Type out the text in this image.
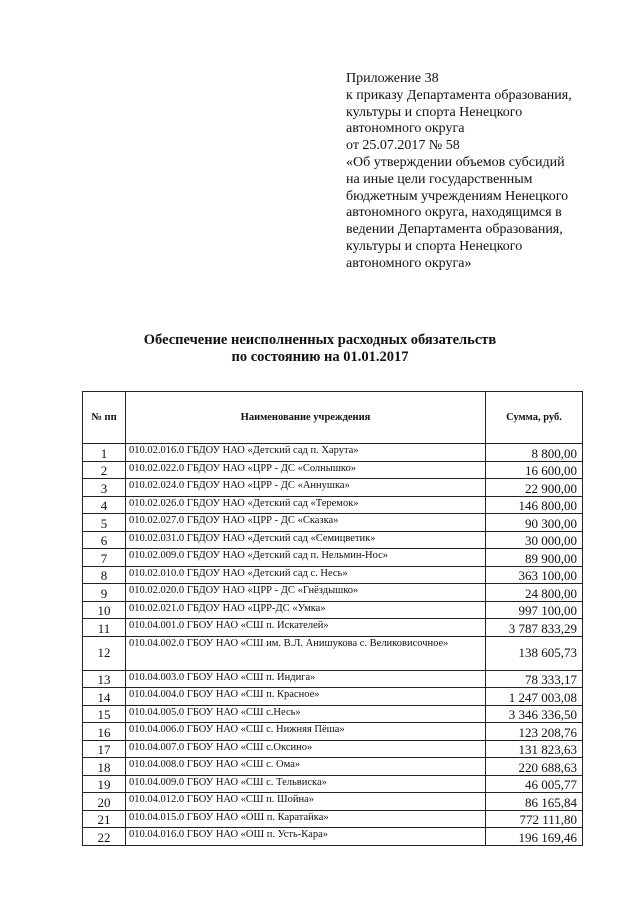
Приложение 38
к приказу Департамента образования,
культуры и спорта Ненецкого
автономного округа
от 25.07.2017 № 58
«Об утверждении объемов субсидий
на иные цели государственным
бюджетным учреждениям Ненецкого
автономного округа, находящимся в
ведении Департамента образования,
культуры и спорта Ненецкого
автономного округа»
Обеспечение неисполненных расходных обязательств
по состоянию на 01.01.2017
№ пп	Наименование учреждения	Сумма, руб.
1	010.02.016.0 ГБДОУ НАО «Детский сад п. Харута»	8 800,00
2	010.02.022.0 ГБДОУ НАО «ЦРР - ДС «Солнышко»	16 600,00
3	010.02.024.0 ГБДОУ НАО «ЦРР - ДС «Аннушка»	22 900,00
4	010.02.026.0 ГБДОУ НАО «Детский сад «Теремок»	146 800,00
5	010.02.027.0 ГБДОУ НАО «ЦРР - ДС «Сказка»	90 300,00
6	010.02.031.0 ГБДОУ НАО «Детский сад «Семицветик»	30 000,00
7	010.02.009.0 ГБДОУ НАО «Детский сад п. Нельмин-Нос»	89 900,00
8	010.02.010.0 ГБДОУ НАО «Детский сад с. Несь»	363 100,00
9	010.02.020.0 ГБДОУ НАО «ЦРР - ДС «Гнёздышко»	24 800,00
10	010.02.021.0 ГБДОУ НАО «ЦРР-ДС «Умка»	997 100,00
11	010.04.001.0 ГБОУ НАО «СШ п. Искателей»	3 787 833,29
12	010.04.002.0 ГБОУ НАО «СШ им. В.Л. Анишукова с. Великовисочное»	138 605,73
13	010.04.003.0 ГБОУ НАО «СШ п. Индига»	78 333,17
14	010.04.004.0 ГБОУ НАО «СШ п. Красное»	1 247 003,08
15	010.04.005.0 ГБОУ НАО «СШ с.Несь»	3 346 336,50
16	010.04.006.0 ГБОУ НАО «СШ с. Нижняя Пёша»	123 208,76
17	010.04.007.0 ГБОУ НАО «СШ с.Оксино»	131 823,63
18	010.04.008.0 ГБОУ НАО «СШ с. Ома»	220 688,63
19	010.04.009.0 ГБОУ НАО «СШ с. Тельвиска»	46 005,77
20	010.04.012.0 ГБОУ НАО «СШ п. Шойна»	86 165,84
21	010.04.015.0 ГБОУ НАО «ОШ п. Каратайка»	772 111,80
22	010.04.016.0 ГБОУ НАО «ОШ п. Усть-Кара»	196 169,46
